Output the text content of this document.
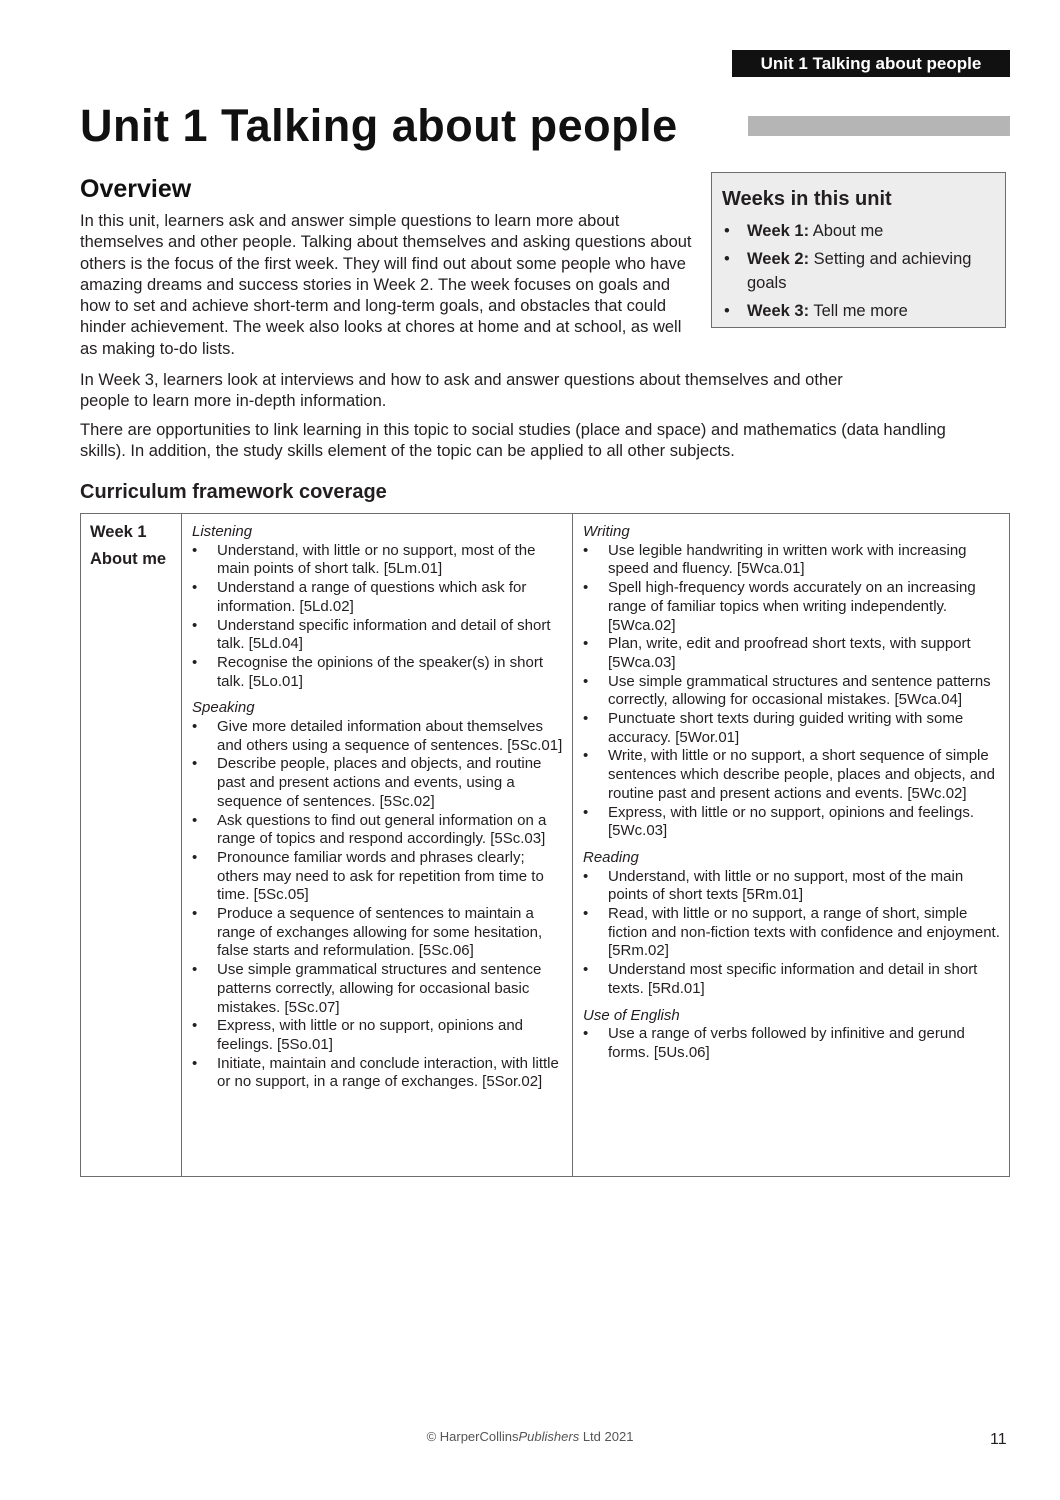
Unit 1 Talking about people
Unit 1 Talking about people
Overview

In this unit, learners ask and answer simple questions to learn more about themselves and other people. Talking about themselves and asking questions about others is the focus of the first week. They will find out about some people who have amazing dreams and success stories in Week 2. The week focuses on goals and how to set and achieve short-term and long-term goals, and obstacles that could hinder achievement. The week also looks at chores at home and at school, as well as making to-do lists.

In Week 3, learners look at interviews and how to ask and answer questions about themselves and other people to learn more in-depth information.

There are opportunities to link learning in this topic to social studies (place and space) and mathematics (data handling skills). In addition, the study skills element of the topic can be applied to all other subjects.

Weeks in this unit
• Week 1: About me
• Week 2: Setting and achieving goals
• Week 3: Tell me more
Curriculum framework coverage

Week 1

About me

Listening

• Understand, with little or no support, most of the main points of short talk. [5Lm.01]
• Understand a range of questions which ask for information. [5Ld.02]
• Understand specific information and detail of short talk. [5Ld.04]
• Recognise the opinions of the speaker(s) in short talk. [5Lo.01]

Speaking

• Give more detailed information about themselves and others using a sequence of sentences. [5Sc.01]
• Describe people, places and objects, and routine past and present actions and events, using a sequence of sentences. [5Sc.02]
• Ask questions to find out general information on a range of topics and respond accordingly. [5Sc.03]
• Pronounce familiar words and phrases clearly; others may need to ask for repetition from time to time. [5Sc.05]
• Produce a sequence of sentences to maintain a range of exchanges allowing for some hesitation, false starts and reformulation. [5Sc.06]
• Use simple grammatical structures and sentence patterns correctly, allowing for occasional basic mistakes. [5Sc.07]
• Express, with little or no support, opinions and feelings. [5So.01]
• Initiate, maintain and conclude interaction, with little or no support, in a range of exchanges. [5Sor.02]

Writing

• Use legible handwriting in written work with increasing speed and fluency. [5Wca.01]
• Spell high-frequency words accurately on an increasing range of familiar topics when writing independently. [5Wca.02]
• Plan, write, edit and proofread short texts, with support [5Wca.03]
• Use simple grammatical structures and sentence patterns correctly, allowing for occasional mistakes. [5Wca.04]
• Punctuate short texts during guided writing with some accuracy. [5Wor.01]
• Write, with little or no support, a short sequence of simple sentences which describe people, places and objects, and routine past and present actions and events. [5Wc.02]
• Express, with little or no support, opinions and feelings. [5Wc.03]

Reading

• Understand, with little or no support, most of the main points of short texts [5Rm.01]
• Read, with little or no support, a range of short, simple fiction and non-fiction texts with confidence and enjoyment. [5Rm.02]
• Understand most specific information and detail in short texts. [5Rd.01]

Use of English

• Use a range of verbs followed by infinitive and gerund forms. [5Us.06]
© HarperCollinsPublishers Ltd 2021	11
